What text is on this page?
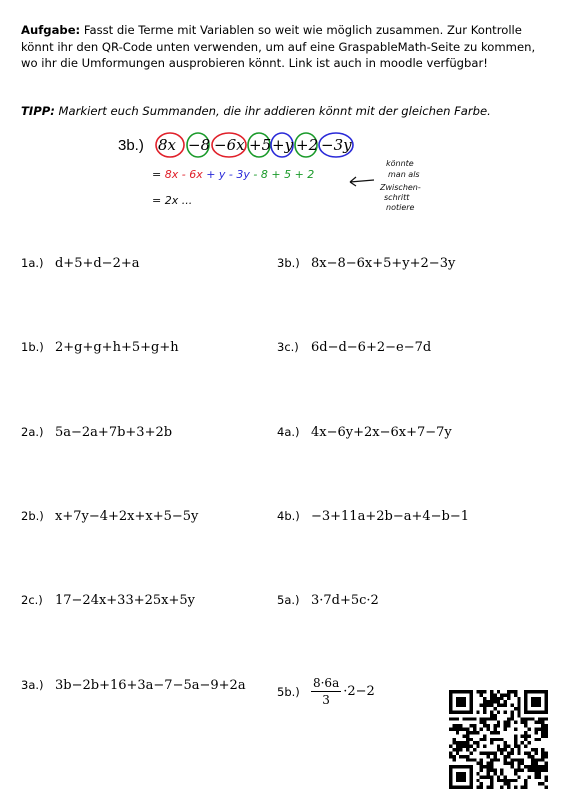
Aufgabe: Fasst die Terme mit Variablen so weit wie möglich zusammen. Zur Kontrolle könnt ihr den QR-Code unten verwenden, um auf eine GraspableMath-Seite zu kommen, wo ihr die Umformungen ausprobieren könnt. Link ist auch in moodle verfügbar!
TIPP: Markiert euch Summanden, die ihr addieren könnt mit der gleichen Farbe.
3b.) 8x −8 −6x +5 +y +2 −3y
= 8x - 6x + y - 3y - 8 + 5 + 2
= 2x ...
könnte
man als
Zwischen-
schritt
notiere
1a.) d+5+d−2+a
1b.) 2+g+g+h+5+g+h
2a.) 5a−2a+7b+3+2b
2b.) x+7y−4+2x+x+5−5y
2c.) 17−24x+33+25x+5y
3a.) 3b−2b+16+3a−7−5a−9+2a
3b.) 8x−8−6x+5+y+2−3y
3c.) 6d−d−6+2−e−7d
4a.) 4x−6y+2x−6x+7−7y
4b.) −3+11a+2b−a+4−b−1
5a.) 3·7d+5c·2
$5b.) \frac{8\cdot 6a}{3} \cdot 2-2$
